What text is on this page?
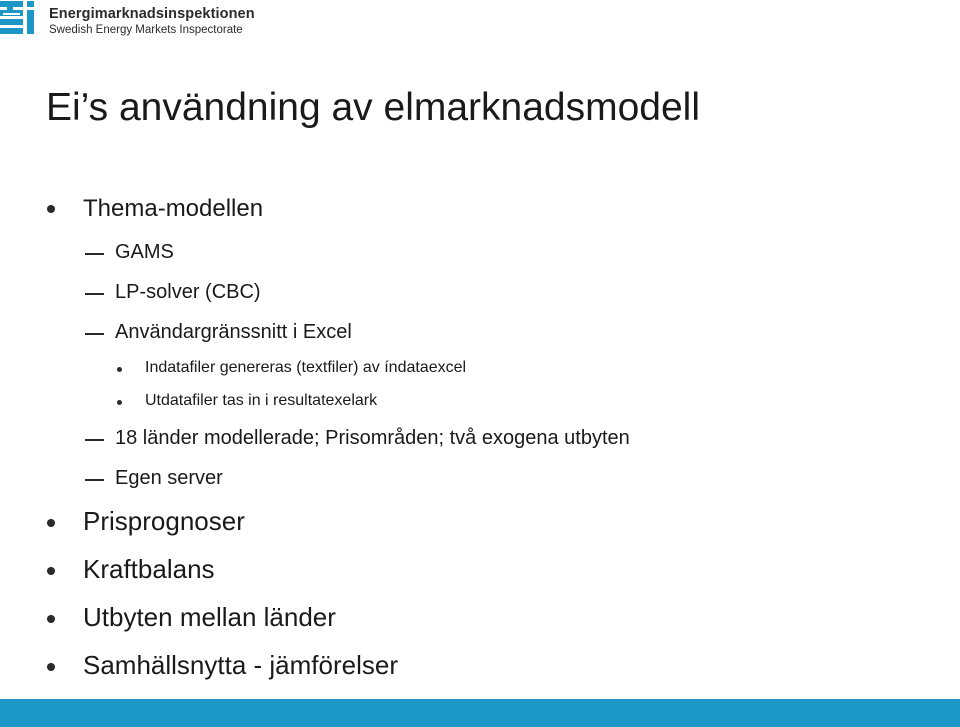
Energimarknadsinspektionen
Swedish Energy Markets Inspectorate
Ei’s användning av elmarknadsmodell
Thema-modellen
GAMS
LP-solver (CBC)
Användargränssnitt i Excel
Indatafiler genereras (textfiler) av índataexcel
Utdatafiler tas in i resultatexelark
18 länder modellerade; Prisområden; två exogena utbyten
Egen server
Prisprognoser
Kraftbalans
Utbyten mellan länder
Samhällsnytta - jämförelser
